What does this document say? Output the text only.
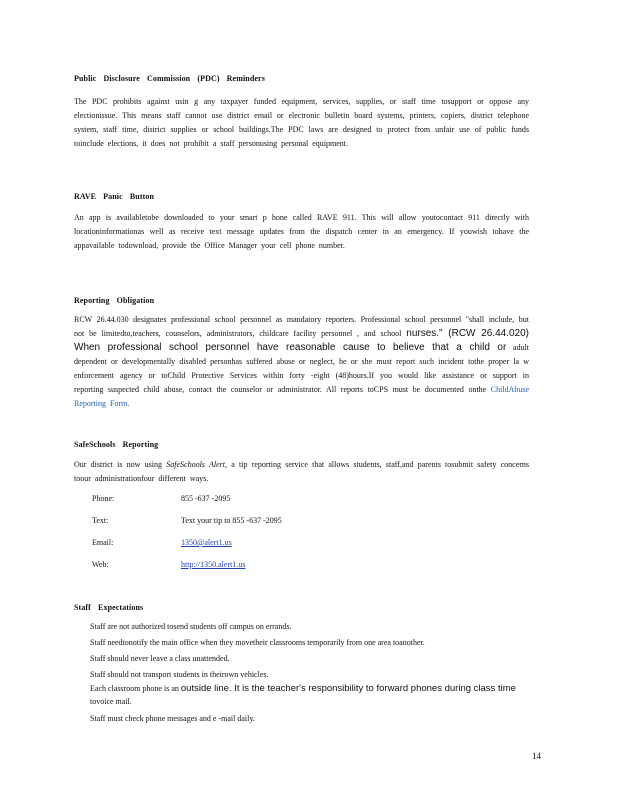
Public Disclosure Commission (PDC) Reminders
The PDC prohibits against usin g any taxpayer funded equipment, services, supplies, or staff time tosupport or oppose any electionissue. This means staff cannot use district email or electronic bulletin board systems, printers, copiers, district telephone system, staff time, district supplies or school buildings.The PDC laws are designed to protect from unfair use of public funds toinclude elections, it does not prohibit a staff personusing personal equipment.
RAVE Panic Button
An app is availabletobe downloaded to your smart p hone called RAVE 911. This will allow youtocontact 911 directly with locationinformationas well as receive text message updates from the dispatch center in an emergency. If youwish tohave the appavailable todownload, provide the Office Manager your cell phone number.
Reporting Obligation
RCW 26.44.030 designates professional school personnel as mandatory reporters. Professional school personnel "shall include, but not be limitedto,teachers, counselors, administrators, childcare facility personnel , and school nurses." (RCW 26.44.020) When professional school personnel have reasonable cause to believe that a child or adult dependent or developmentally disabled personhas suffered abuse or neglect, he or she must report such incident tothe proper la w enforcement agency or toChild Protective Services within forty -eight (48)hours.If you would like assistance or support in reporting suspected child abuse, contact the counselor or administrator. All reports toCPS must be documented onthe ChildAbuse Reporting Form.
SafeSchools Reporting
Our district is now using SafeSchools Alert, a tip reporting service that allows students, staff,and parents tosubmit safety concerns toour administrationfour different ways.
Phone:	855 -637 -2095
Text:	Text your tip to 855 -637 -2095
Email:	1350@alert1.us
Web:	http://1350.alert1.us
Staff Expectations
Staff are not authorized tosend students off campus on errands.
Staff needtonotify the main office when they movetheir classrooms temporarily from one area toanother.
Staff should never leave a class unattended.
Staff should not transport students in theirown vehicles.
Each classroom phone is an outside line. It is the teacher's responsibility to forward phones during class time
tovoice mail.
Staff must check phone messages and e -mail daily.
14
